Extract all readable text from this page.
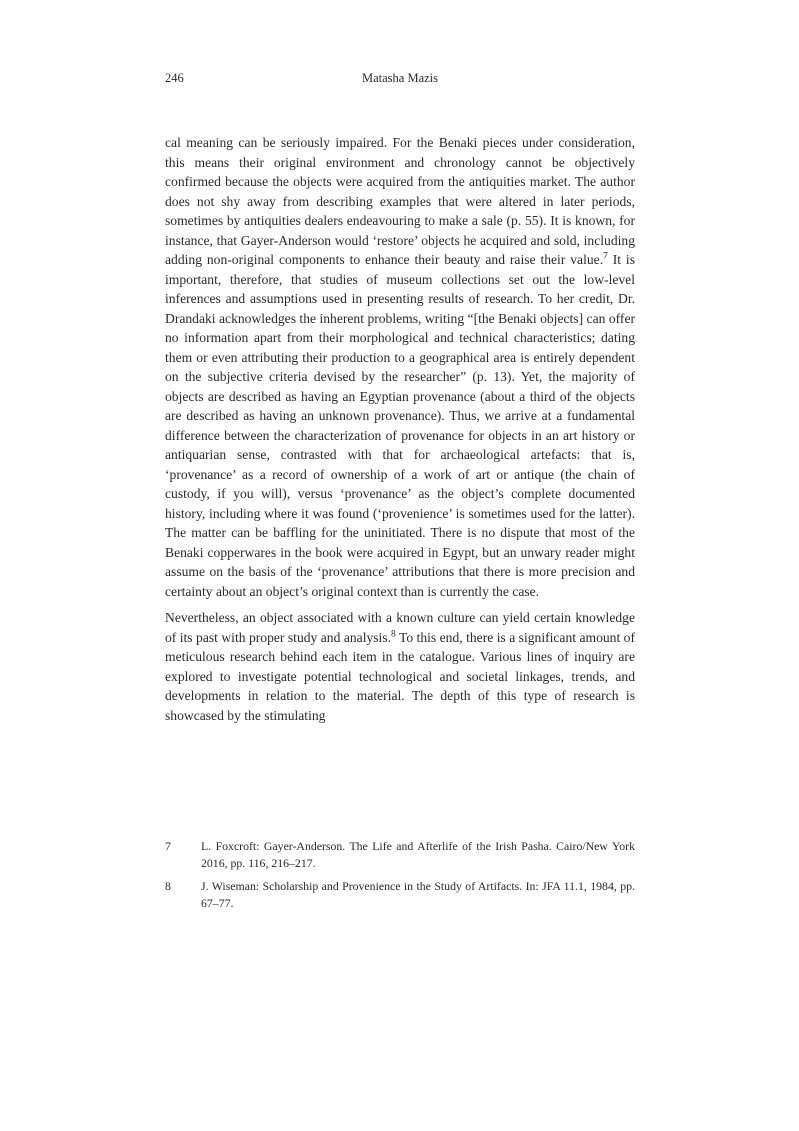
246	Matasha Mazis

cal meaning can be seriously impaired. For the Benaki pieces under consideration, this means their original environment and chronology cannot be objectively confirmed because the objects were acquired from the antiquities market. The author does not shy away from describing examples that were altered in later periods, sometimes by antiquities dealers endeavouring to make a sale (p. 55). It is known, for instance, that Gayer-Anderson would ‘restore’ objects he acquired and sold, including adding non-original components to enhance their beauty and raise their value.$^7$ It is important, therefore, that studies of museum collections set out the low-level inferences and assumptions used in presenting results of research. To her credit, Dr. Drandaki acknowledges the inherent problems, writing “[the Benaki objects] can offer no information apart from their morphological and technical characteristics; dating them or even attributing their production to a geographical area is entirely dependent on the subjective criteria devised by the researcher” (p. 13). Yet, the majority of objects are described as having an Egyptian provenance (about a third of the objects are described as having an unknown provenance). Thus, we arrive at a fundamental difference between the characterization of provenance for objects in an art history or antiquarian sense, contrasted with that for archaeological artefacts: that is, ‘provenance’ as a record of ownership of a work of art or antique (the chain of custody, if you will), versus ‘provenance’ as the object’s complete documented history, including where it was found (‘provenience’ is sometimes used for the latter). The matter can be baffling for the uninitiated. There is no dispute that most of the Benaki copperwares in the book were acquired in Egypt, but an unwary reader might assume on the basis of the ‘provenance’ attributions that there is more precision and certainty about an object’s original context than is currently the case.

Nevertheless, an object associated with a known culture can yield certain knowledge of its past with proper study and analysis.$^8$ To this end, there is a significant amount of meticulous research behind each item in the catalogue. Various lines of inquiry are explored to investigate potential technological and societal linkages, trends, and developments in relation to the material. The depth of this type of research is showcased by the stimulating

7	L. Foxcroft: Gayer-Anderson. The Life and Afterlife of the Irish Pasha. Cairo/New York 2016, pp. 116, 216–217.
8	J. Wiseman: Scholarship and Provenience in the Study of Artifacts. In: JFA 11.1, 1984, pp. 67–77.
